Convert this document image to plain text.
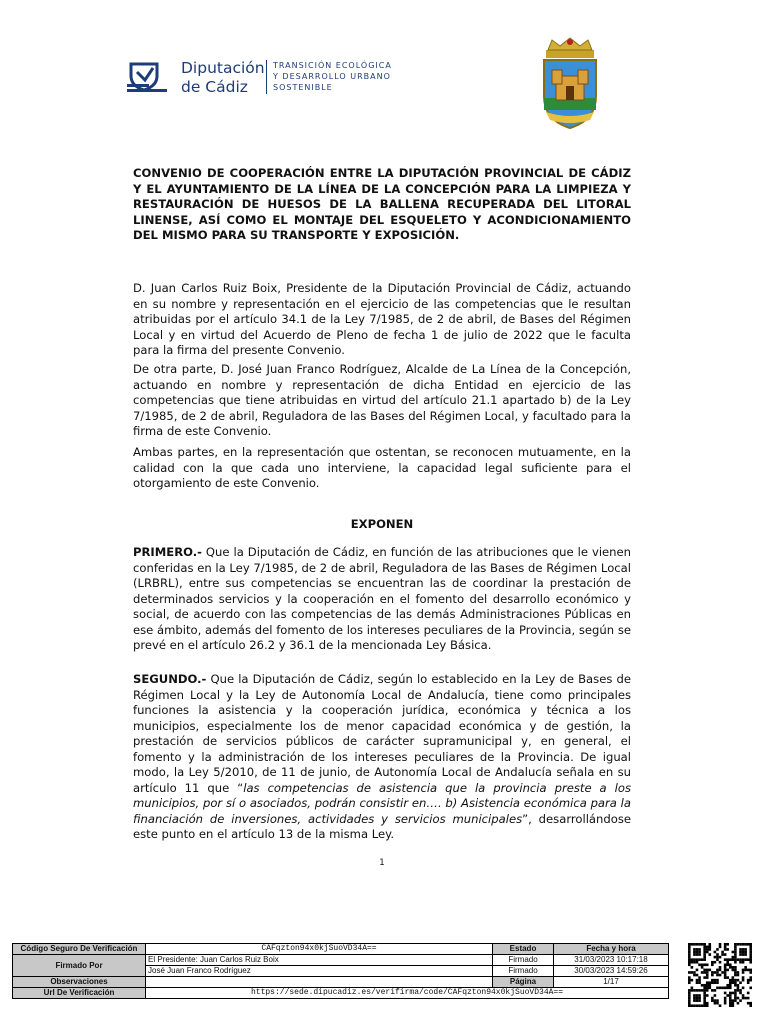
Diputación
de Cádiz
TRANSICIÓN ECOLÓGICA
Y DESARROLLO URBANO
SOSTENIBLE
CONVENIO DE COOPERACIÓN ENTRE LA DIPUTACIÓN PROVINCIAL DE CÁDIZ Y EL AYUNTAMIENTO DE LA LÍNEA DE LA CONCEPCIÓN PARA LA LIMPIEZA Y RESTAURACIÓN DE HUESOS DE LA BALLENA RECUPERADA DEL LITORAL LINENSE, ASÍ COMO EL MONTAJE DEL ESQUELETO Y ACONDICIONAMIENTO DEL MISMO PARA SU TRANSPORTE Y EXPOSICIÓN.
D. Juan Carlos Ruiz Boix, Presidente de la Diputación Provincial de Cádiz, actuando en su nombre y representación en el ejercicio de las competencias que le resultan atribuidas por el artículo 34.1 de la Ley 7/1985, de 2 de abril, de Bases del Régimen Local y en virtud del Acuerdo de Pleno de fecha 1 de julio de 2022 que le faculta para la firma del presente Convenio.
De otra parte, D. José Juan Franco Rodríguez, Alcalde de La Línea de la Concepción, actuando en nombre y representación de dicha Entidad en ejercicio de las competencias que tiene atribuidas en virtud del artículo 21.1 apartado b) de la Ley 7/1985, de 2 de abril, Reguladora de las Bases del Régimen Local, y facultado para la firma de este Convenio.
Ambas partes, en la representación que ostentan, se reconocen mutuamente, en la calidad con la que cada uno interviene, la capacidad legal suficiente para el otorgamiento de este Convenio.
EXPONEN
PRIMERO.- Que la Diputación de Cádiz, en función de las atribuciones que le vienen conferidas en la Ley 7/1985, de 2 de abril, Reguladora de las Bases de Régimen Local (LRBRL), entre sus competencias se encuentran las de coordinar la prestación de determinados servicios y la cooperación en el fomento del desarrollo económico y social, de acuerdo con las competencias de las demás Administraciones Públicas en ese ámbito, además del fomento de los intereses peculiares de la Provincia, según se prevé en el artículo 26.2 y 36.1 de la mencionada Ley Básica.
SEGUNDO.- Que la Diputación de Cádiz, según lo establecido en la Ley de Bases de Régimen Local y la Ley de Autonomía Local de Andalucía, tiene como principales funciones la asistencia y la cooperación jurídica, económica y técnica a los municipios, especialmente los de menor capacidad económica y de gestión, la prestación de servicios públicos de carácter supramunicipal y, en general, el fomento y la administración de los intereses peculiares de la Provincia. De igual modo, la Ley 5/2010, de 11 de junio, de Autonomía Local de Andalucía señala en su artículo 11 que “las competencias de asistencia que la provincia preste a los municipios, por sí o asociados, podrán consistir en…. b) Asistencia económica para la financiación de inversiones, actividades y servicios municipales”, desarrollándose este punto en el artículo 13 de la misma Ley.
1
Código Seguro De Verificación	CAFqzton94x0kjSuoVD34A==	Estado	Fecha y hora
Firmado Por	El Presidente: Juan Carlos Ruiz Boix	Firmado	31/03/2023 10:17:18
	José Juan Franco Rodríguez	Firmado	30/03/2023 14:59:26
Observaciones		Página	1/17
Url De Verificación	https://sede.dipucadiz.es/verifirma/code/CAFqzton94x0kjSuoVD34A==		
